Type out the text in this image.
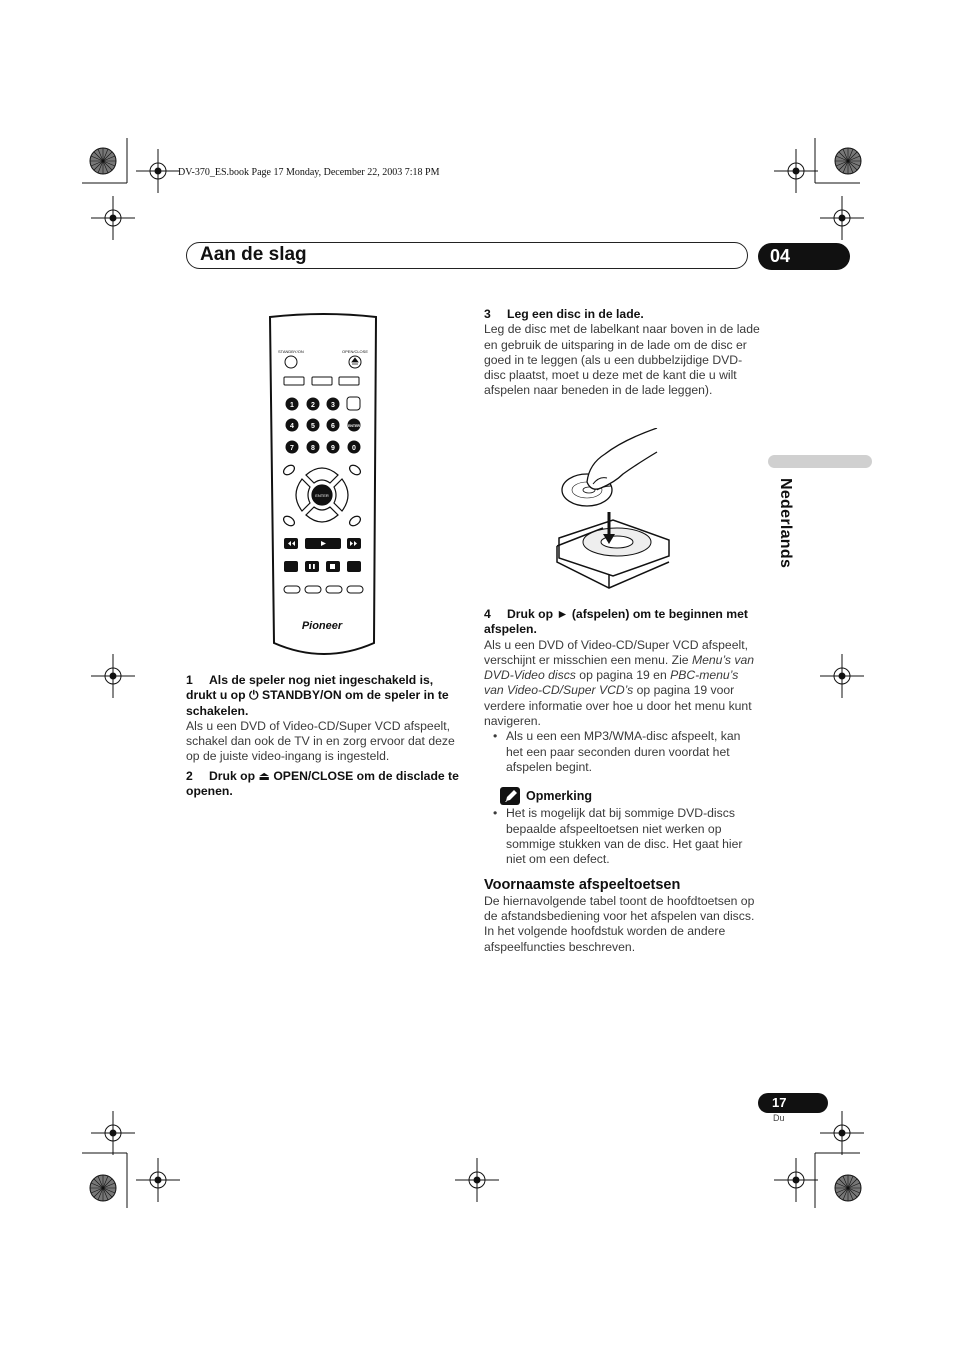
DV-370_ES.book Page 17 Monday, December 22, 2003 7:18 PM
Aan de slag	04
Nederlands
STANDBY/ON	OPEN/CLOSE
1 2 3
4 5 6	ENTER
7 8 9 0
ENTER
Pioneer

1 Als de speler nog niet ingeschakeld is, drukt u op ⏻ STANDBY/ON om de speler in te schakelen.

Als u een DVD of Video-CD/Super VCD afspeelt, schakel dan ook de TV in en zorg ervoor dat deze op de juiste video-ingang is ingesteld.

2 Druk op ⏏ OPEN/CLOSE om de disclade te openen.

3 Leg een disc in de lade.

Leg de disc met de labelkant naar boven in de lade en gebruik de uitsparing in de lade om de disc er goed in te leggen (als u een dubbelzijdige DVD-disc plaatst, moet u deze met de kant die u wilt afspelen naar beneden in de lade leggen).

4 Druk op ► (afspelen) om te beginnen met afspelen.

Als u een DVD of Video-CD/Super VCD afspeelt, verschijnt er misschien een menu. Zie Menu’s van DVD-Video discs op pagina 19 en PBC-menu’s van Video-CD/Super VCD’s op pagina 19 voor verdere informatie over hoe u door het menu kunt navigeren.

• Als u een een MP3/WMA-disc afspeelt, kan het een paar seconden duren voordat het afspelen begint.

Opmerking

• Het is mogelijk dat bij sommige DVD-discs bepaalde afspeeltoetsen niet werken op sommige stukken van de disc. Het gaat hier niet om een defect.

Voornaamste afspeeltoetsen

De hiernavolgende tabel toont de hoofdtoetsen op de afstandsbediening voor het afspelen van discs. In het volgende hoofdstuk worden de andere afspeelfuncties beschreven.

17
Du
